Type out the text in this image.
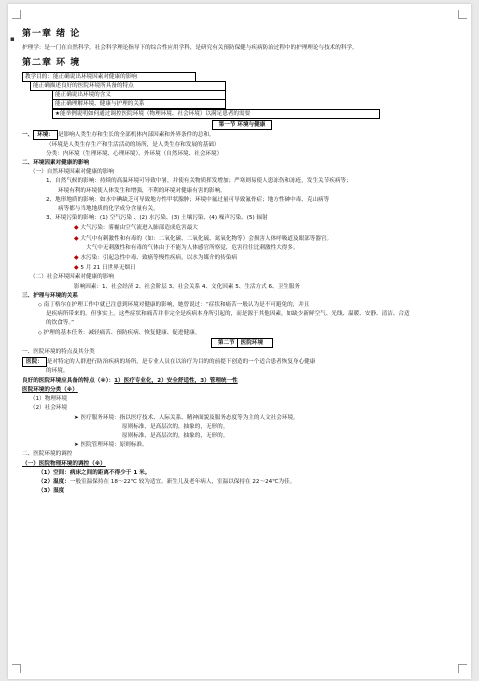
▪ 第一章 绪 论

护理学：是一门在自然科学，社会科学理论指导下的综合性应用学科，是研究有关预防保健与疾病防治过程中的护理理论与技术的科学。

第二章 环 境

教学目的：能正确说出环境因素对健康的影响
能正确描述良好的医院环境所具备的特点
能正确说出环境的含义
能正确理解环境、健康与护理的关系
★能举例说明如何通过调控医院环境（物理环境、社会环境）以满足患者的需要

第一节 环境与健康

一、 环境： 是影响人类生存和生长的全部机体内部因素和外界条件的总和。

（环境是人类生存生产和生活活动的场所，是人类生存和发展的基础）

分类：内环境（生理环境、心理环境）、外环境（自然环境、社会环境）

二、环境因素对健康的影响

（一）自然环境因素对健康的影响

1、自然气候的影响：持续的高温环境可导致中暑，并使有关物质挥发增加；严寒则易使人患冻伤和冻疮，发生关节疾病等；

环境有利的环境使人体发生和增强，不利的环境对健康有害的影响。

2、地形地质的影响：如水中碘缺乏可导致地方性甲状腺肿；环境中氟过量可导致氟骨症；地方性砷中毒、克山病等

病等都与当地地质的化学成分含量有关。

3、环境污染的影响：(1) 空气污染 、(2) 水污染、(3) 土壤污染、(4) 噪声污染、(5) 辐射

◆ 大气污染：雾霾由空气流进入肺部造成危害最大

◆ 大气中有刺激性和有毒的（如：二氧化碳、二氧化硫、氮氧化物等）会损害人体呼吸道及眼部等器官。

大气中无刺激性和有毒的气体由于不能为人体感官所察觉，危害往往比刺激性大得多。

◆ 水污染：引起急性中毒、致癌等慢性疾病，以水为媒介的传染病

◆ 5 月 21 日世界无烟日

（二）社会环境因素对健康的影响

影响因素：1、社会经济 2、社会阶层 3、社会关系 4、文化因素 5、生活方式 6、卫生服务

三、护理与环境的关系

◇ 南丁格尔在护理工作中就已注意到环境对健康的影响，她曾说过：“症状和痛苦一般认为是不可避免的，并且

是疾病所带来的。但事实上，这些症状和痛苦并非完全是疾病本身所引起的，而是源于其他因素，如缺少新鲜空气、光线、温暖、安静、清洁、合适

的饮食等。”

◇ 护理的基本任务：减轻痛苦、预防疾病、恢复健康、促进健康。

第二节 医院环境

一、医院环境的特点及其分类

医院： 是对特定的人群进行防治疾病的场所，是专业人员在以治疗为目的的前提下创造的一个适合患者恢复身心健康

的环境。

良好的医院环境应具备的特点（※）：1）医疗专业化，2）安全舒适性，3）管理统一性

医院环境的分类（※）

（1）物理环境

（2）社会环境

➤ 医疗服务环境：指以医疗技术、人际关系、精神面貌及服务态度等为主的人文社会环境。

原则标准，是高层次的，抽象的，无形的。

原则标准，是高层次的，抽象的，无形的。

➤ 医院管理环境：原则标准。

二、医院环境的调控

（一）医院物理环境的调控（※）

（1）空间：病床之间的距离不得少于 1 米。

（2）温度：一般室温保持在 18～22℃ 较为适宜。新生儿及老年病人，室温以保持在 22～24℃为佳。

（3）湿度
